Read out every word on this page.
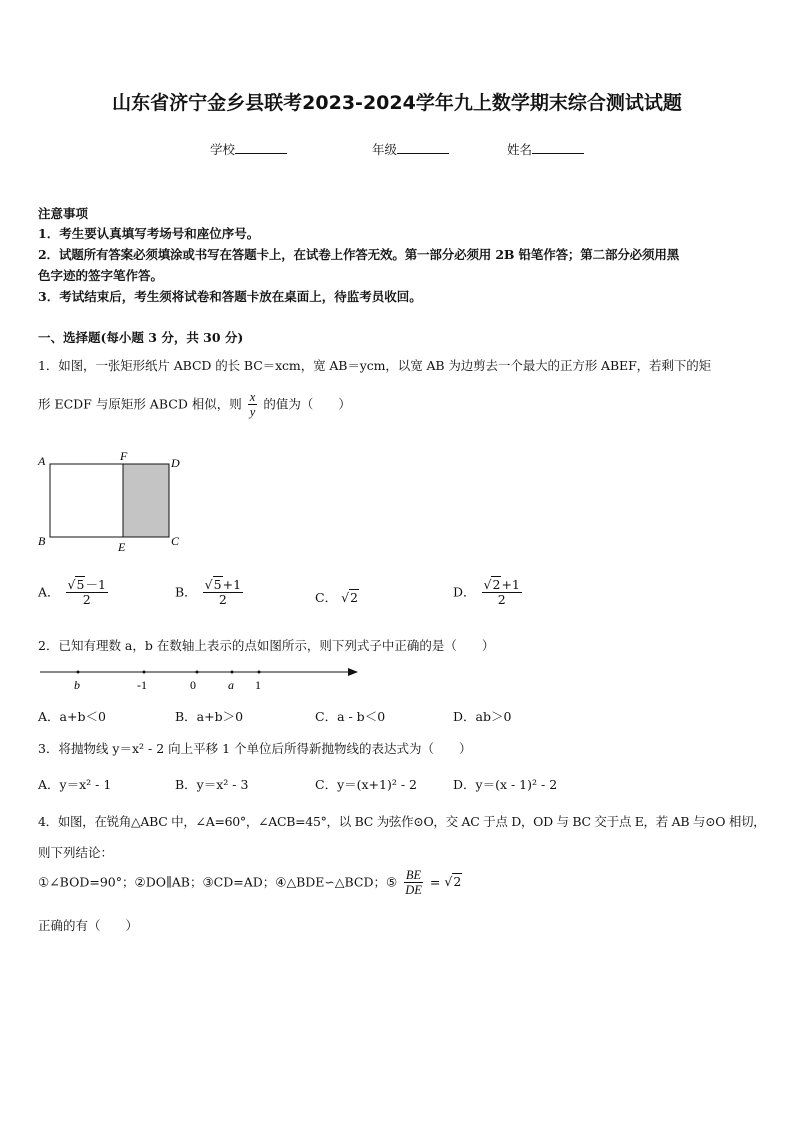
山东省济宁金乡县联考2023-2024学年九上数学期末综合测试试题
学校	年级	姓名
注意事项
1．考生要认真填写考场号和座位序号。
2．试题所有答案必须填涂或书写在答题卡上，在试卷上作答无效。第一部分必须用 2B 铅笔作答；第二部分必须用黑
色字迹的签字笔作答。
3．考试结束后，考生须将试卷和答题卡放在桌面上，待监考员收回。
一、选择题(每小题 3 分，共 30 分)
1．如图，一张矩形纸片 ABCD 的长 BC＝xcm，宽 AB＝ycm，以宽 AB 为边剪去一个最大的正方形 ABEF，若剩下的矩
形 ECDF 与原矩形 ABCD 相似，则 $\frac{x}{y}$ 的值为（　　）
A	F	D
B	E	C
A． $\frac{√5-1}{2}$	B． $\frac{√5+1}{2}$	C． √2	D． $\frac{√2+1}{2}$
2．已知有理数 a，b 在数轴上表示的点如图所示，则下列式子中正确的是（　　）
b	-1	0	a 1
A．a+b＜0	B．a+b＞0	C．a - b＜0	D．ab＞0
3．将抛物线 y＝x² - 2 向上平移 1 个单位后所得新抛物线的表达式为（　　）
A．y＝x² - 1	B．y＝x² - 3	C．y＝(x+1)² - 2	D．y＝(x - 1)² - 2
4．如图，在锐角△ABC 中，∠A=60°，∠ACB=45°，以 BC 为弦作⊙O，交 AC 于点 D，OD 与 BC 交于点 E，若 AB 与⊙O 相切，
则下列结论：
①∠BOD=90°；②DO∥AB；③CD=AD；④△BDE∽△BCD；⑤ $\frac{BE}{DE} = √2$
正确的有（　　）
